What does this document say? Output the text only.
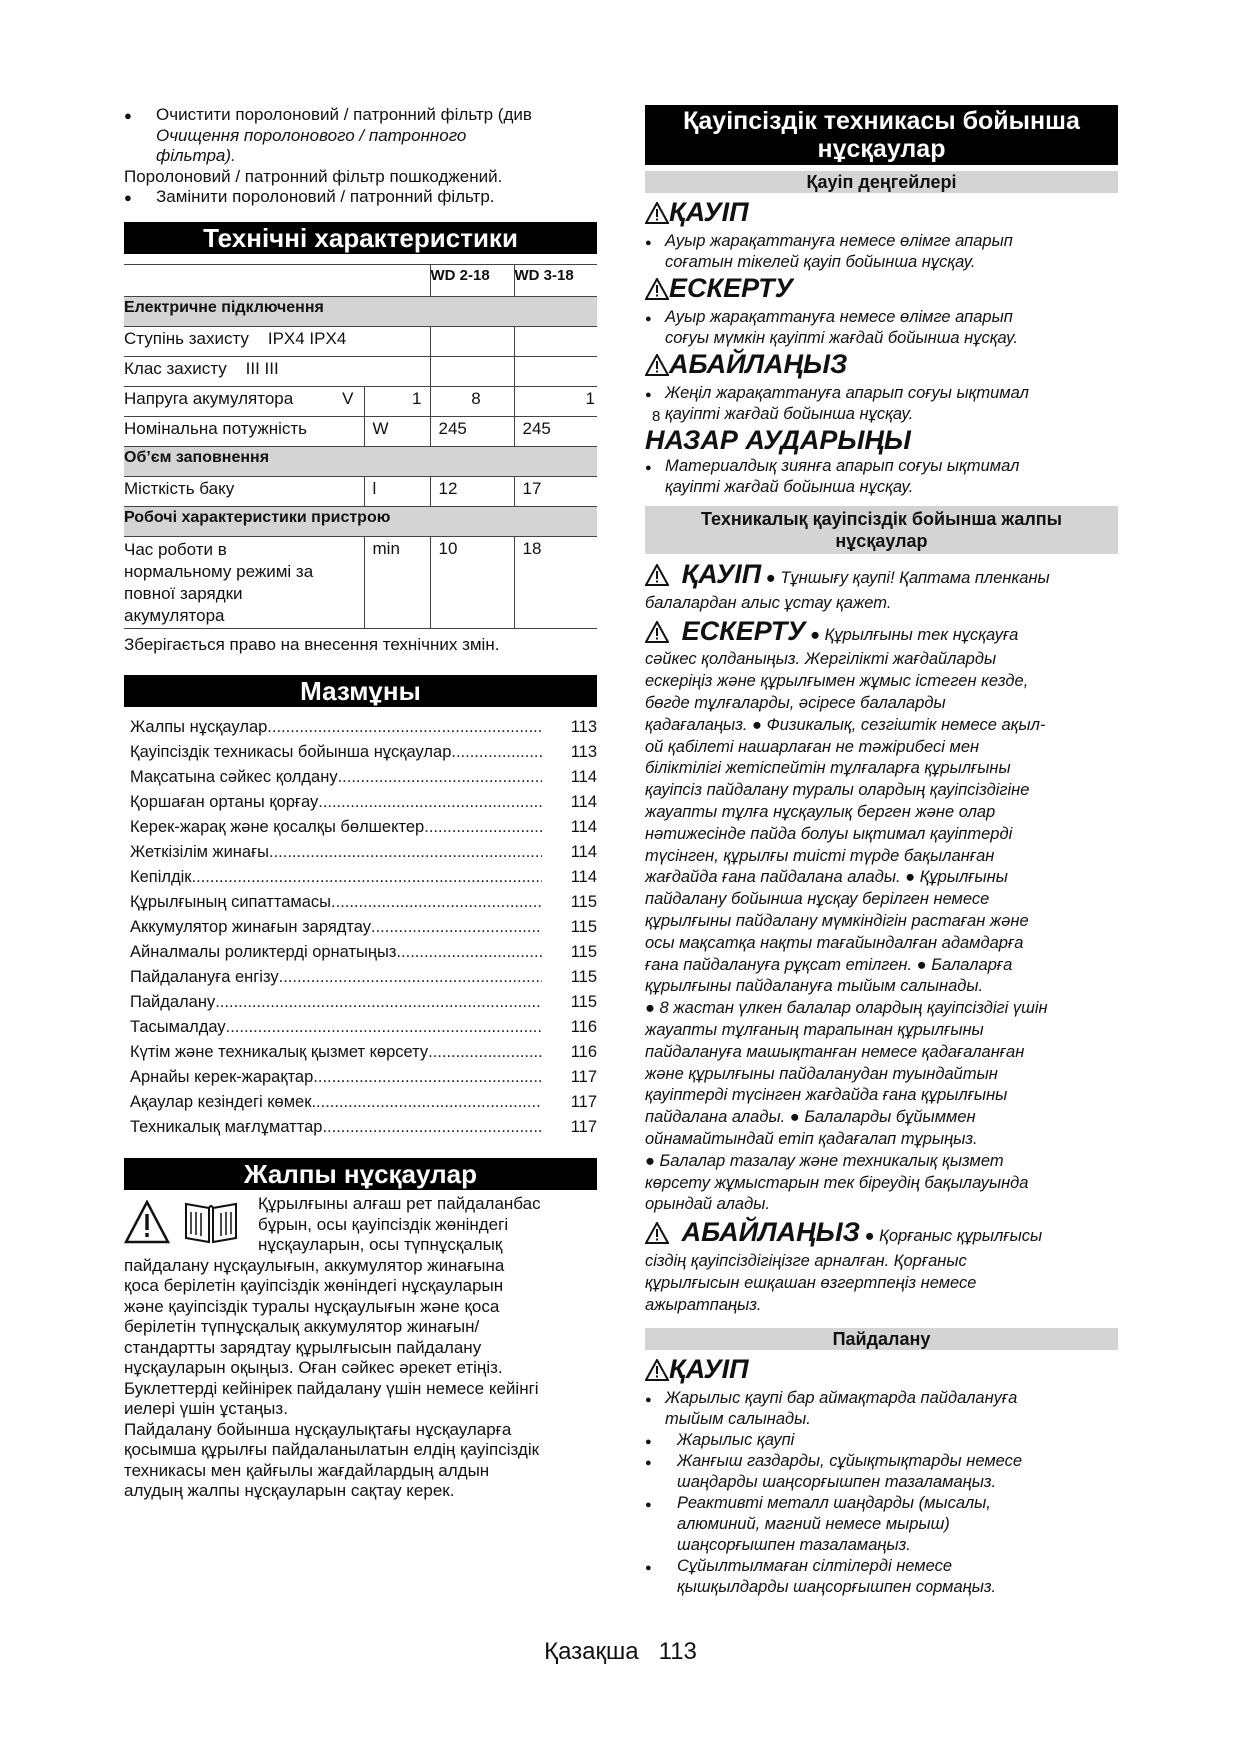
● Очистити поролоновий / патронний фільтр (див
Очищення поролонового / патронного
фільтра).
Поролоновий / патронний фільтр пошкоджений.
● Замінити поролоновий / патронний фільтр.
Технічні характеристики
		WD 2-18	WD 3-18
Електричне підключення			
Ступінь захисту IPX4 IPX4			
Клас захисту III III			
Напруга акумулятора V	1	8	1
Номінальна потужність	W	245	245
Об’єм заповнення			
Місткість баку	l	12	17
Робочі характеристики пристрою			

Час роботи в
нормальному режимі за
повної зарядки
акумулятора	min	10	18
8
Зберігається право на внесення технічних змін.
Мазмұны
Жалпы нұсқаулар .....	113
Қауіпсіздік техникасы бойынша нұсқаулар .....	113
Мақсатына сәйкес қолдану .....	114
Қоршаған ортаны қорғау .....	114
Керек-жарақ және қосалқы бөлшектер .....	114
Жеткізілім жинағы .....	114
Кепілдік .....	114
Құрылғының сипаттамасы .....	115
Аккумулятор жинағын зарядтау .....	115
Айналмалы роликтерді орнатыңыз .....	115
Пайдалануға енгізу .....	115
Пайдалану .....	115
Тасымалдау .....	116
Күтім және техникалық қызмет көрсету .....	116
Арнайы керек-жарақтар .....	117
Ақаулар кезіндегі көмек .....	117
Техникалық мағлұматтар .....	117
Жалпы нұсқаулар
Құрылғыны алғаш рет пайдаланбас
бұрын, осы қауіпсіздік жөніндегі
нұсқауларын, осы түпнұсқалық
пайдалану нұсқаулығын, аккумулятор жинағына
қоса берілетін қауіпсіздік жөніндегі нұсқауларын
және қауіпсіздік туралы нұсқаулығын және қоса
берілетін түпнұсқалық аккумулятор жинағын/
стандартты зарядтау құрылғысын пайдалану
нұсқауларын оқыңыз. Оған сәйкес әрекет етіңіз.
Буклеттерді кейінірек пайдалану үшін немесе кейінгі
иелері үшін ұстаңыз.
Пайдалану бойынша нұсқаулықтағы нұсқауларға
қосымша құрылғы пайдаланылатын елдің қауіпсіздік
техникасы мен қайғылы жағдайлардың алдын
алудың жалпы нұсқауларын сақтау керек.
Қауіпсіздік техникасы бойынша
нұсқаулар
Қауіп деңгейлері
ҚАУІП
● Ауыр жарақаттануға немесе өлімге апарып
соғатын тікелей қауіп бойынша нұсқау.
ЕСКЕРТУ
● Ауыр жарақаттануға немесе өлімге апарып
соғуы мүмкін қауіпті жағдай бойынша нұсқау.
АБАЙЛАҢЫЗ
● Жеңіл жарақаттануға апарып соғуы ықтимал
қауіпті жағдай бойынша нұсқау.
НАЗАР АУДАРЫҢЫ
● Материалдық зиянға апарып соғуы ықтимал
қауіпті жағдай бойынша нұсқау.
Техникалық қауіпсіздік бойынша жалпы
нұсқаулар
ҚАУІП ● Тұншығу қаупі! Қаптама пленканы
балалардан алыс ұстау қажет.
ЕСКЕРТУ ● Құрылғыны тек нұсқауға
сәйкес қолданыңыз. Жергілікті жағдайларды
ескеріңіз және құрылғымен жұмыс істеген кезде,
бөгде тұлғаларды, әсіресе балаларды
қадағалаңыз. ● Физикалық, сезгіштік немесе ақыл-
ой қабілеті нашарлаған не тәжірибесі мен
біліктілігі жетіспейтін тұлғаларға құрылғыны
қауіпсіз пайдалану туралы олардың қауіпсіздігіне
жауапты тұлға нұсқаулық берген және олар
нәтижесінде пайда болуы ықтимал қауіптерді
түсінген, құрылғы тиісті түрде бақыланған
жағдайда ғана пайдалана алады. ● Құрылғыны
пайдалану бойынша нұсқау берілген немесе
құрылғыны пайдалану мүмкіндігін растаған және
осы мақсатқа нақты тағайындалған адамдарға
ғана пайдалануға рұқсат етілген. ● Балаларға
құрылғыны пайдалануға тыйым салынады.
● 8 жастан үлкен балалар олардың қауіпсіздігі үшін
жауапты тұлғаның тарапынан құрылғыны
пайдалануға машықтанған немесе қадағаланған
және құрылғыны пайдаланудан туындайтын
қауіптерді түсінген жағдайда ғана құрылғыны
пайдалана алады. ● Балаларды бұйыммен
ойнамайтындай етіп қадағалап тұрыңыз.
● Балалар тазалау және техникалық қызмет
көрсету жұмыстарын тек біреудің бақылауында
орындай алады.
АБАЙЛАҢЫЗ ● Қорғаныс құрылғысы
сіздің қауіпсіздігіңізге арналған. Қорғаныс
құрылғысын ешқашан өзгертпеңіз немесе
ажыратпаңыз.
Пайдалану
ҚАУІП
● Жарылыс қаупі бар аймақтарда пайдалануға
тыйым салынады.
● Жарылыс қаупі
● Жанғыш газдарды, сұйықтықтарды немесе
шаңдарды шаңсорғышпен тазаламаңыз.
● Реактивті металл шаңдарды (мысалы,
алюминий, магний немесе мырыш)
шаңсорғышпен тазаламаңыз.
● Сұйылтылмаған сілтілерді немесе
қышқылдарды шаңсорғышпен сормаңыз.
Қазақша 113
